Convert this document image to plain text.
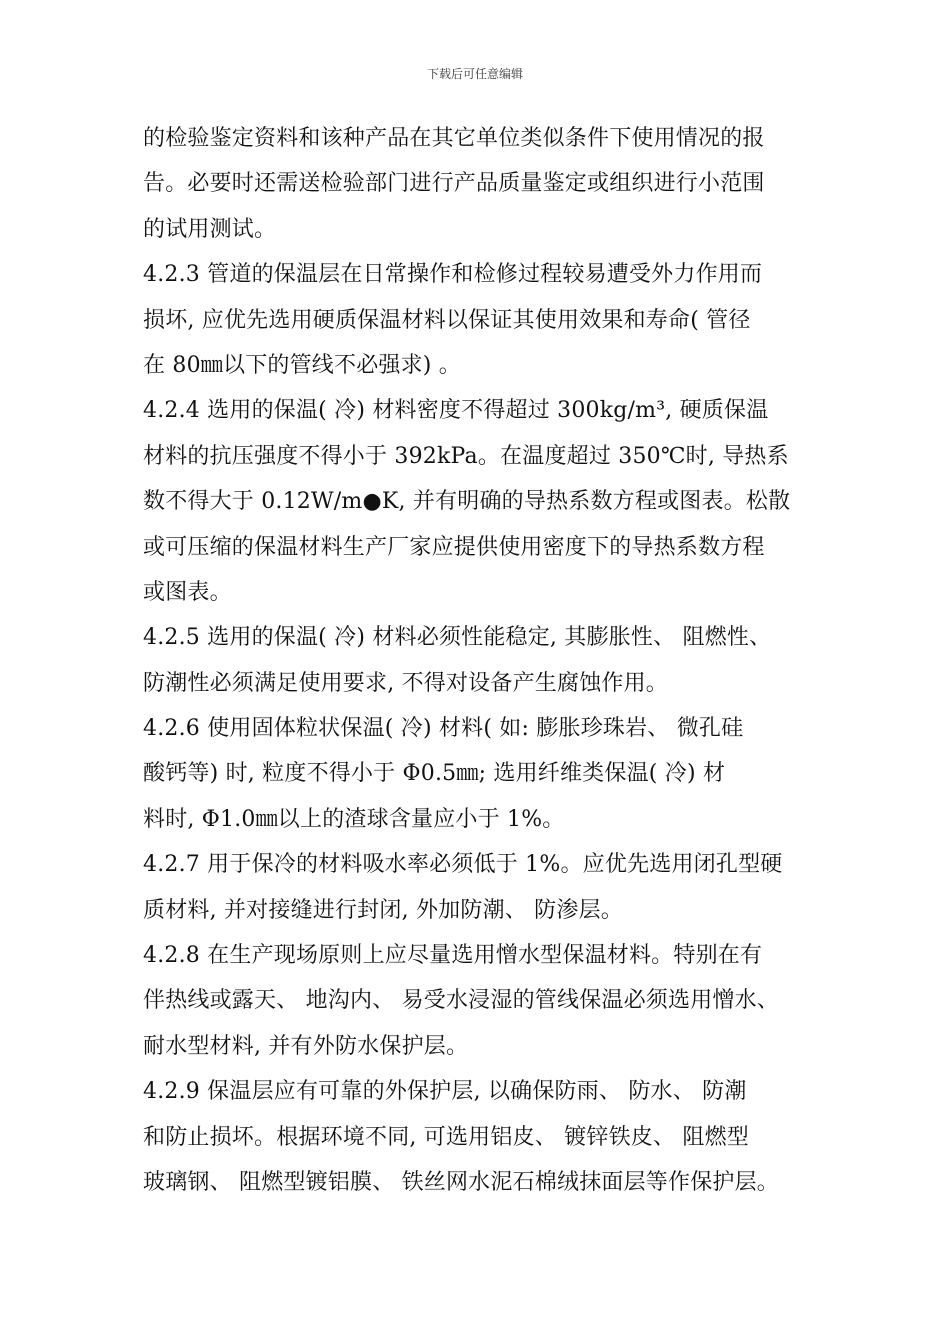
下载后可任意编辑
的检验鉴定资料和该种产品在其它单位类似条件下使用情况的报
告。必要时还需送检验部门进行产品质量鉴定或组织进行小范围
的试用测试。
4.2.3 管道的保温层在日常操作和检修过程较易遭受外力作用而
损坏, 应优先选用硬质保温材料以保证其使用效果和寿命( 管径
在 80㎜以下的管线不必强求) 。
4.2.4 选用的保温( 冷) 材料密度不得超过 300kg/m³, 硬质保温
材料的抗压强度不得小于 392kPa。在温度超过 350℃时, 导热系
数不得大于 0.12W/m●K, 并有明确的导热系数方程或图表。松散
或可压缩的保温材料生产厂家应提供使用密度下的导热系数方程
或图表。
4.2.5 选用的保温( 冷) 材料必须性能稳定, 其膨胀性、 阻燃性、
防潮性必须满足使用要求, 不得对设备产生腐蚀作用。
4.2.6 使用固体粒状保温( 冷) 材料( 如: 膨胀珍珠岩、 微孔硅
酸钙等) 时, 粒度不得小于 Φ0.5㎜; 选用纤维类保温( 冷) 材
料时, Φ1.0㎜以上的渣球含量应小于 1%。
4.2.7 用于保冷的材料吸水率必须低于 1%。应优先选用闭孔型硬
质材料, 并对接缝进行封闭, 外加防潮、 防渗层。
4.2.8 在生产现场原则上应尽量选用憎水型保温材料。特别在有
伴热线或露天、 地沟内、 易受水浸湿的管线保温必须选用憎水、
耐水型材料, 并有外防水保护层。
4.2.9 保温层应有可靠的外保护层, 以确保防雨、 防水、 防潮
和防止损坏。根据环境不同, 可选用铝皮、 镀锌铁皮、 阻燃型
玻璃钢、 阻燃型镀铝膜、 铁丝网水泥石棉绒抹面层等作保护层。
